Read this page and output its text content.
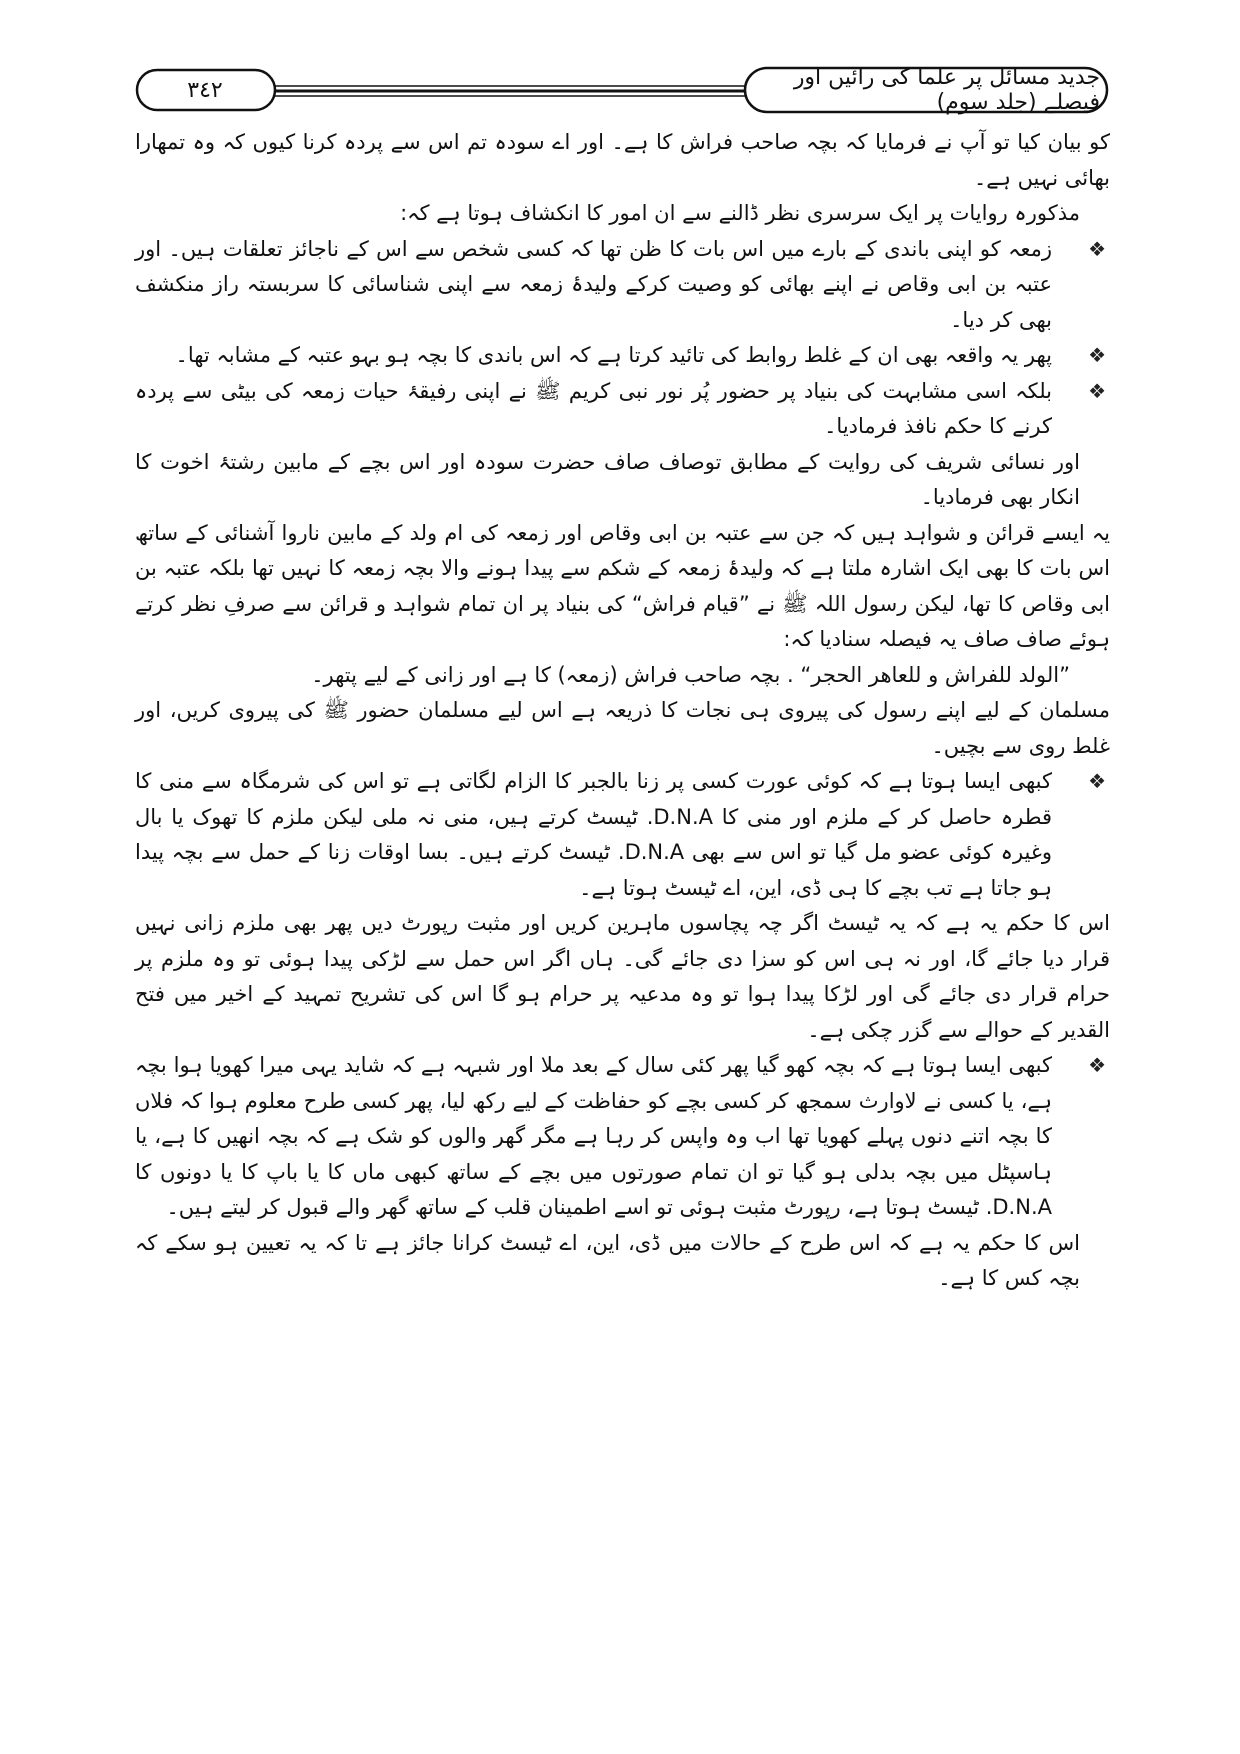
٣٤٢	جدید مسائل پر علما کی رائیں اور فیصلے (جلد سوم)

کو بیان کیا تو آپ نے فرمایا کہ بچہ صاحب فراش کا ہے۔ اور اے سودہ تم اس سے پردہ کرنا کیوں کہ وہ تمھارا بھائی نہیں ہے۔

مذکورہ روایات پر ایک سرسری نظر ڈالنے سے ان امور کا انکشاف ہوتا ہے کہ:

❖
زمعہ کو اپنی باندی کے بارے میں اس بات کا ظن تھا کہ کسی شخص سے اس کے ناجائز تعلقات ہیں۔ اور عتبہ بن ابی وقاص نے اپنے بھائی کو وصیت کرکے ولیدۂ زمعہ سے اپنی شناسائی کا سربستہ راز منکشف بھی کر دیا۔

❖
پھر یہ واقعہ بھی ان کے غلط روابط کی تائید کرتا ہے کہ اس باندی کا بچہ ہو بہو عتبہ کے مشابہ تھا۔

❖
بلکہ اسی مشابہت کی بنیاد پر حضور پُر نور نبی کریم ﷺ نے اپنی رفیقۂ حیات زمعہ کی بیٹی سے پردہ کرنے کا حکم نافذ فرمادیا۔

اور نسائی شریف کی روایت کے مطابق توصاف صاف حضرت سودہ اور اس بچے کے مابین رشتۂ اخوت کا انکار بھی فرمادیا۔

یہ ایسے قرائن و شواہد ہیں کہ جن سے عتبہ بن ابی وقاص اور زمعہ کی ام ولد کے مابین ناروا آشنائی کے ساتھ اس بات کا بھی ایک اشارہ ملتا ہے کہ ولیدۂ زمعہ کے شکم سے پیدا ہونے والا بچہ زمعہ کا نہیں تھا بلکہ عتبہ بن ابی وقاص کا تھا، لیکن رسول اللہ ﷺ نے ”قیام فراش“ کی بنیاد پر ان تمام شواہد و قرائن سے صرفِ نظر کرتے ہوئے صاف صاف یہ فیصلہ سنادیا کہ:

”الولد للفراش و للعاھر الحجر“ . بچہ صاحب فراش (زمعہ) کا ہے اور زانی کے لیے پتھر۔

مسلمان کے لیے اپنے رسول کی پیروی ہی نجات کا ذریعہ ہے اس لیے مسلمان حضور ﷺ کی پیروی کریں، اور غلط روی سے بچیں۔

❖
کبھی ایسا ہوتا ہے کہ کوئی عورت کسی پر زنا بالجبر کا الزام لگاتی ہے تو اس کی شرمگاہ سے منی کا قطرہ حاصل کر کے ملزم اور منی کا D.N.A. ٹیسٹ کرتے ہیں، منی نہ ملی لیکن ملزم کا تھوک یا بال وغیرہ کوئی عضو مل گیا تو اس سے بھی D.N.A. ٹیسٹ کرتے ہیں۔ بسا اوقات زنا کے حمل سے بچہ پیدا ہو جاتا ہے تب بچے کا ہی ڈی، این، اے ٹیسٹ ہوتا ہے۔

اس کا حکم یہ ہے کہ یہ ٹیسٹ اگر چہ پچاسوں ماہرین کریں اور مثبت رپورٹ دیں پھر بھی ملزم زانی نہیں قرار دیا جائے گا، اور نہ ہی اس کو سزا دی جائے گی۔ ہاں اگر اس حمل سے لڑکی پیدا ہوئی تو وہ ملزم پر حرام قرار دی جائے گی اور لڑکا پیدا ہوا تو وہ مدعیہ پر حرام ہو گا اس کی تشریح تمہید کے اخیر میں فتح القدیر کے حوالے سے گزر چکی ہے۔

❖
کبھی ایسا ہوتا ہے کہ بچہ کھو گیا پھر کئی سال کے بعد ملا اور شبہہ ہے کہ شاید یہی میرا کھویا ہوا بچہ ہے، یا کسی نے لاوارث سمجھ کر کسی بچے کو حفاظت کے لیے رکھ لیا، پھر کسی طرح معلوم ہوا کہ فلاں کا بچہ اتنے دنوں پہلے کھویا تھا اب وہ واپس کر رہا ہے مگر گھر والوں کو شک ہے کہ بچہ انھیں کا ہے، یا ہاسپٹل میں بچہ بدلی ہو گیا تو ان تمام صورتوں میں بچے کے ساتھ کبھی ماں کا یا باپ کا یا دونوں کا D.N.A. ٹیسٹ ہوتا ہے، رپورٹ مثبت ہوئی تو اسے اطمینان قلب کے ساتھ گھر والے قبول کر لیتے ہیں۔

اس کا حکم یہ ہے کہ اس طرح کے حالات میں ڈی، این، اے ٹیسٹ کرانا جائز ہے تا کہ یہ تعیین ہو سکے کہ بچہ کس کا ہے۔
